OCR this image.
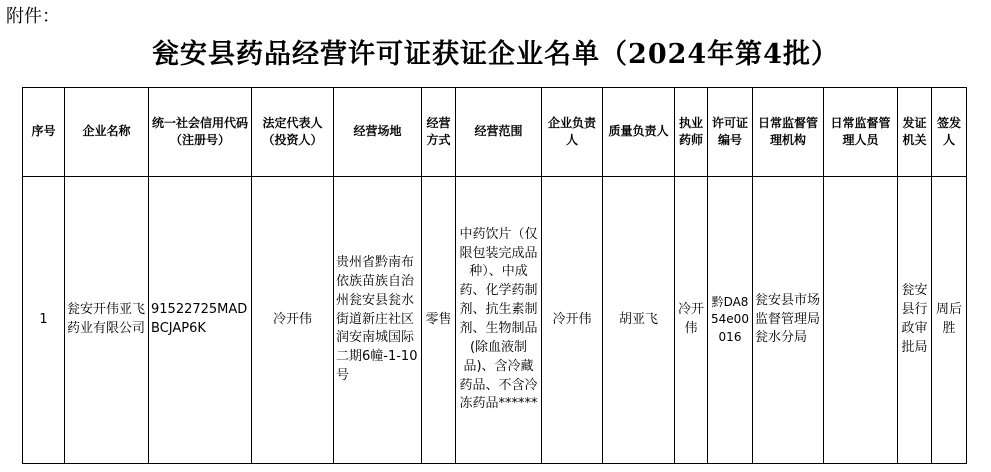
附件：
瓮安县药品经营许可证获证企业名单（2024年第4批）
序号	企业名称	统一社会信用代码（注册号）	法定代表人（投资人）	经营场地	经营方式	经营范围	企业负责人	质量负责人	执业药师	许可证编号	日常监督管理机构	日常监督管理人员	发证机关	签发人
1	瓮安开伟亚飞药业有限公司	91522725MADBCJAP6K	冷开伟	贵州省黔南布依族苗族自治州瓮安县瓮水街道新庄社区润安南城国际二期6幢-1-10号	零售	中药饮片（仅限包装完成品种）、中成药、化学药制剂、抗生素制剂、生物制品(除血液制品)、含冷藏药品、不含冷冻药品******	冷开伟	胡亚飞	冷开伟	黔DA854e00016	瓮安县市场监督管理局瓮水分局		瓮安县行政审批局	周后胜
